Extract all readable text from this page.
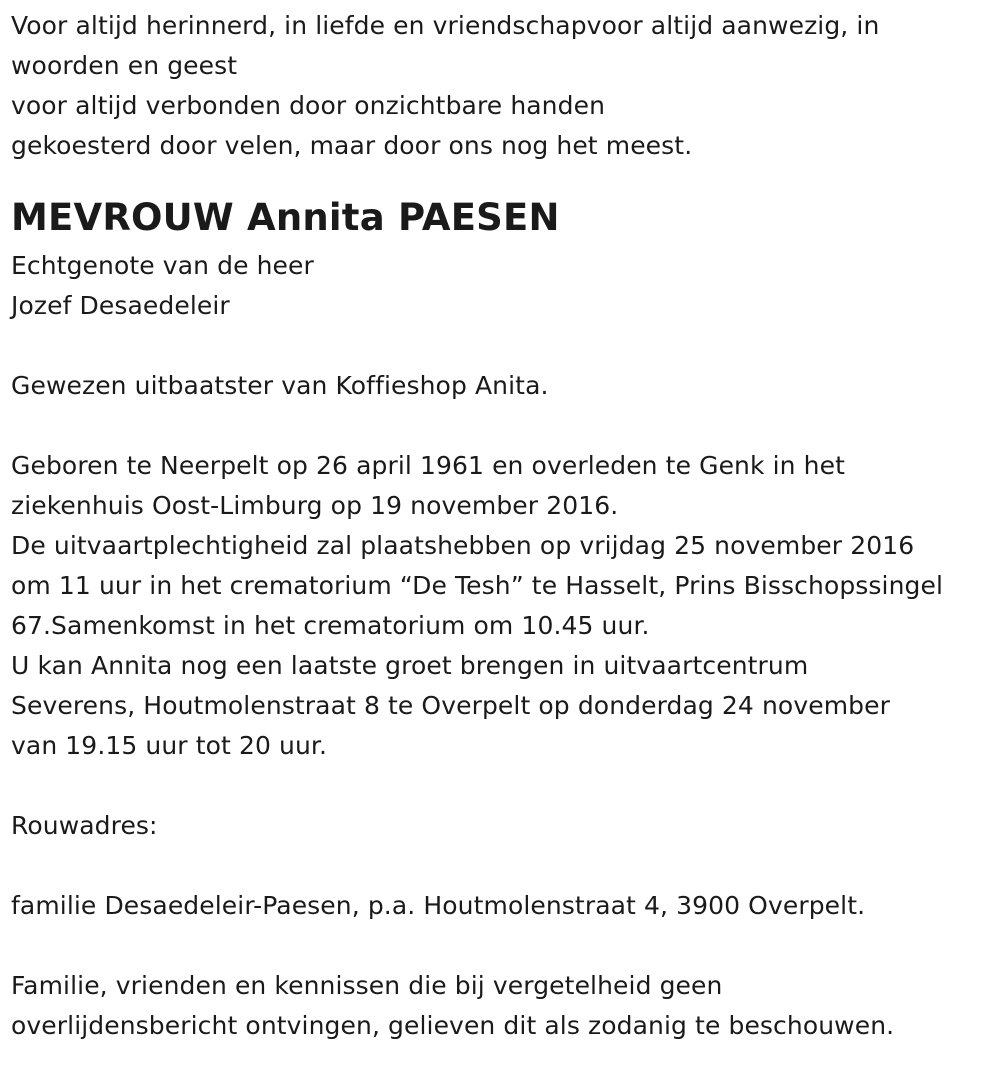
Voor altijd herinnerd, in liefde en vriendschapvoor altijd aanwezig, in
woorden en geest
voor altijd verbonden door onzichtbare handen
gekoesterd door velen, maar door ons nog het meest.
MEVROUW Annita PAESEN
Echtgenote van de heer
Jozef Desaedeleir
Gewezen uitbaatster van Koffieshop Anita.
Geboren te Neerpelt op 26 april 1961 en overleden te Genk in het
ziekenhuis Oost-Limburg op 19 november 2016.
De uitvaartplechtigheid zal plaatshebben op vrijdag 25 november 2016
om 11 uur in het crematorium “De Tesh” te Hasselt, Prins Bisschopssingel
67.Samenkomst in het crematorium om 10.45 uur.
U kan Annita nog een laatste groet brengen in uitvaartcentrum
Severens, Houtmolenstraat 8 te Overpelt op donderdag 24 november
van 19.15 uur tot 20 uur.
Rouwadres:
familie Desaedeleir-Paesen, p.a. Houtmolenstraat 4, 3900 Overpelt.
Familie, vrienden en kennissen die bij vergetelheid geen
overlijdensbericht ontvingen, gelieven dit als zodanig te beschouwen.
